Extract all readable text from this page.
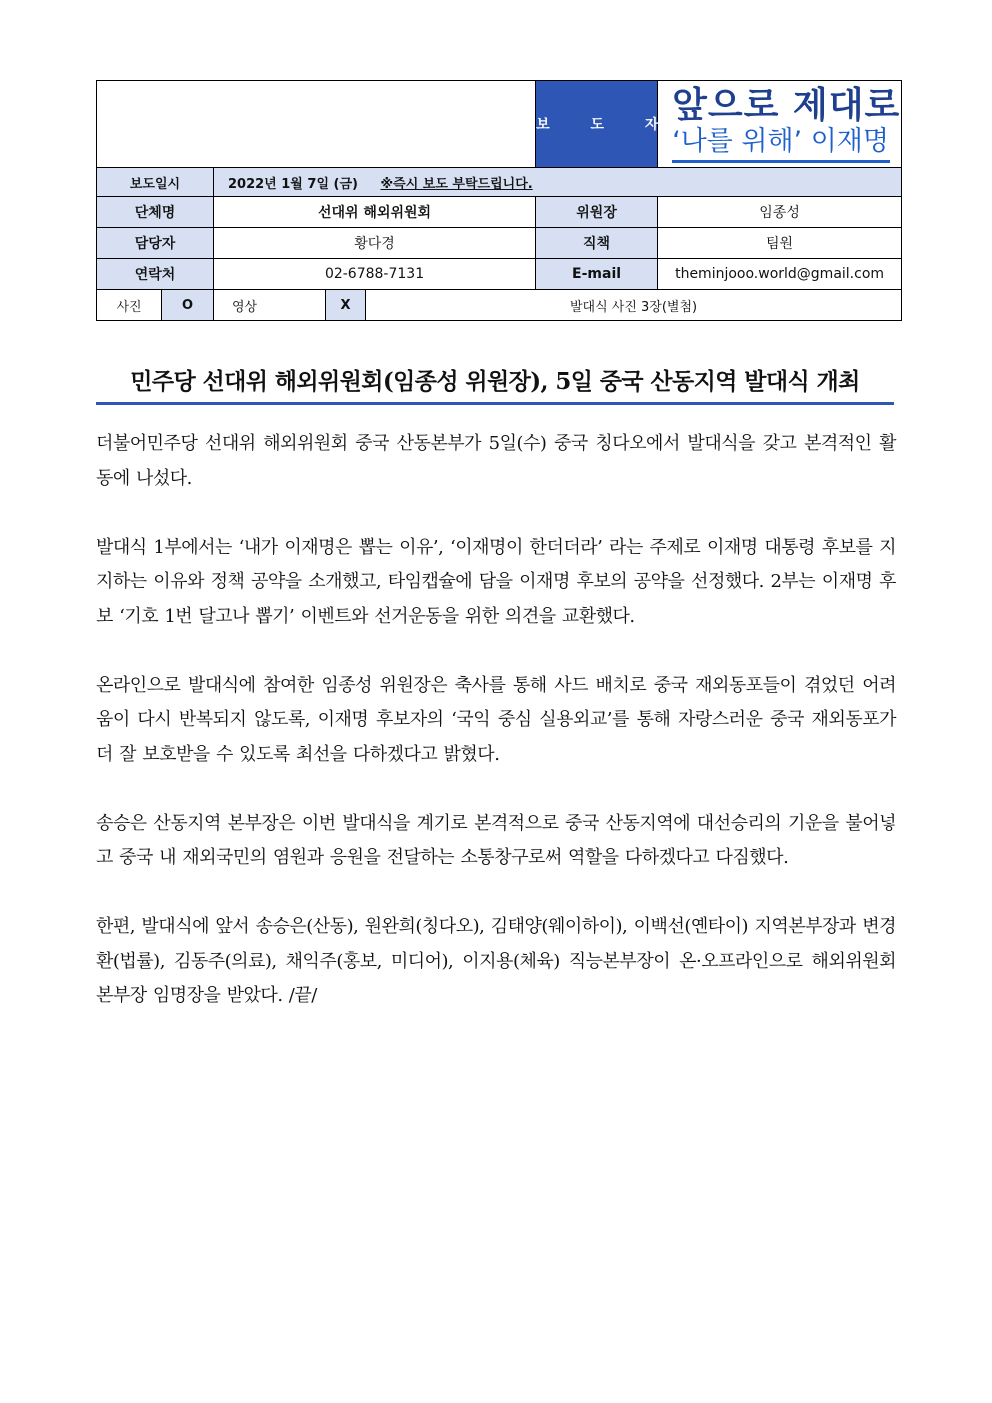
					보 도 자 료	앞으로 제대로
‘나를 위해’ 이재명

보도일시		2022년 1월 7일 (금) ※즉시 보도 부탁드립니다.				
단체명		선대위 해외위원회			위원장	임종성
담당자		황다경			직책	팀원
연락처		02-6788-7131			E-mail	theminjooo.world@gmail.com
사진	O	영상	X	발대식 사진 3장(별첨)		
민주당 선대위 해외위원회(임종성 위원장), 5일 중국 산동지역 발대식 개최

더불어민주당 선대위 해외위원회 중국 산동본부가 5일(수) 중국 칭다오에서 발대식을 갖고 본격적인 활동에 나섰다.

발대식 1부에서는 ‘내가 이재명은 뽑는 이유’, ‘이재명이 한더더라’ 라는 주제로 이재명 대통령 후보를 지지하는 이유와 정책 공약을 소개했고, 타임캡슐에 담을 이재명 후보의 공약을 선정했다. 2부는 이재명 후보 ‘기호 1번 달고나 뽑기’ 이벤트와 선거운동을 위한 의견을 교환했다.

온라인으로 발대식에 참여한 임종성 위원장은 축사를 통해 사드 배치로 중국 재외동포들이 겪었던 어려움이 다시 반복되지 않도록, 이재명 후보자의 ‘국익 중심 실용외교’를 통해 자랑스러운 중국 재외동포가 더 잘 보호받을 수 있도록 최선을 다하겠다고 밝혔다.

송승은 산동지역 본부장은 이번 발대식을 계기로 본격적으로 중국 산동지역에 대선승리의 기운을 불어넣고 중국 내 재외국민의 염원과 응원을 전달하는 소통창구로써 역할을 다하겠다고 다짐했다.

한편, 발대식에 앞서 송승은(산동), 원완희(칭다오), 김태양(웨이하이), 이백선(옌타이) 지역본부장과 변경환(법률), 김동주(의료), 채익주(홍보, 미디어), 이지용(체육) 직능본부장이 온·오프라인으로 해외위원회 본부장 임명장을 받았다. /끝/
